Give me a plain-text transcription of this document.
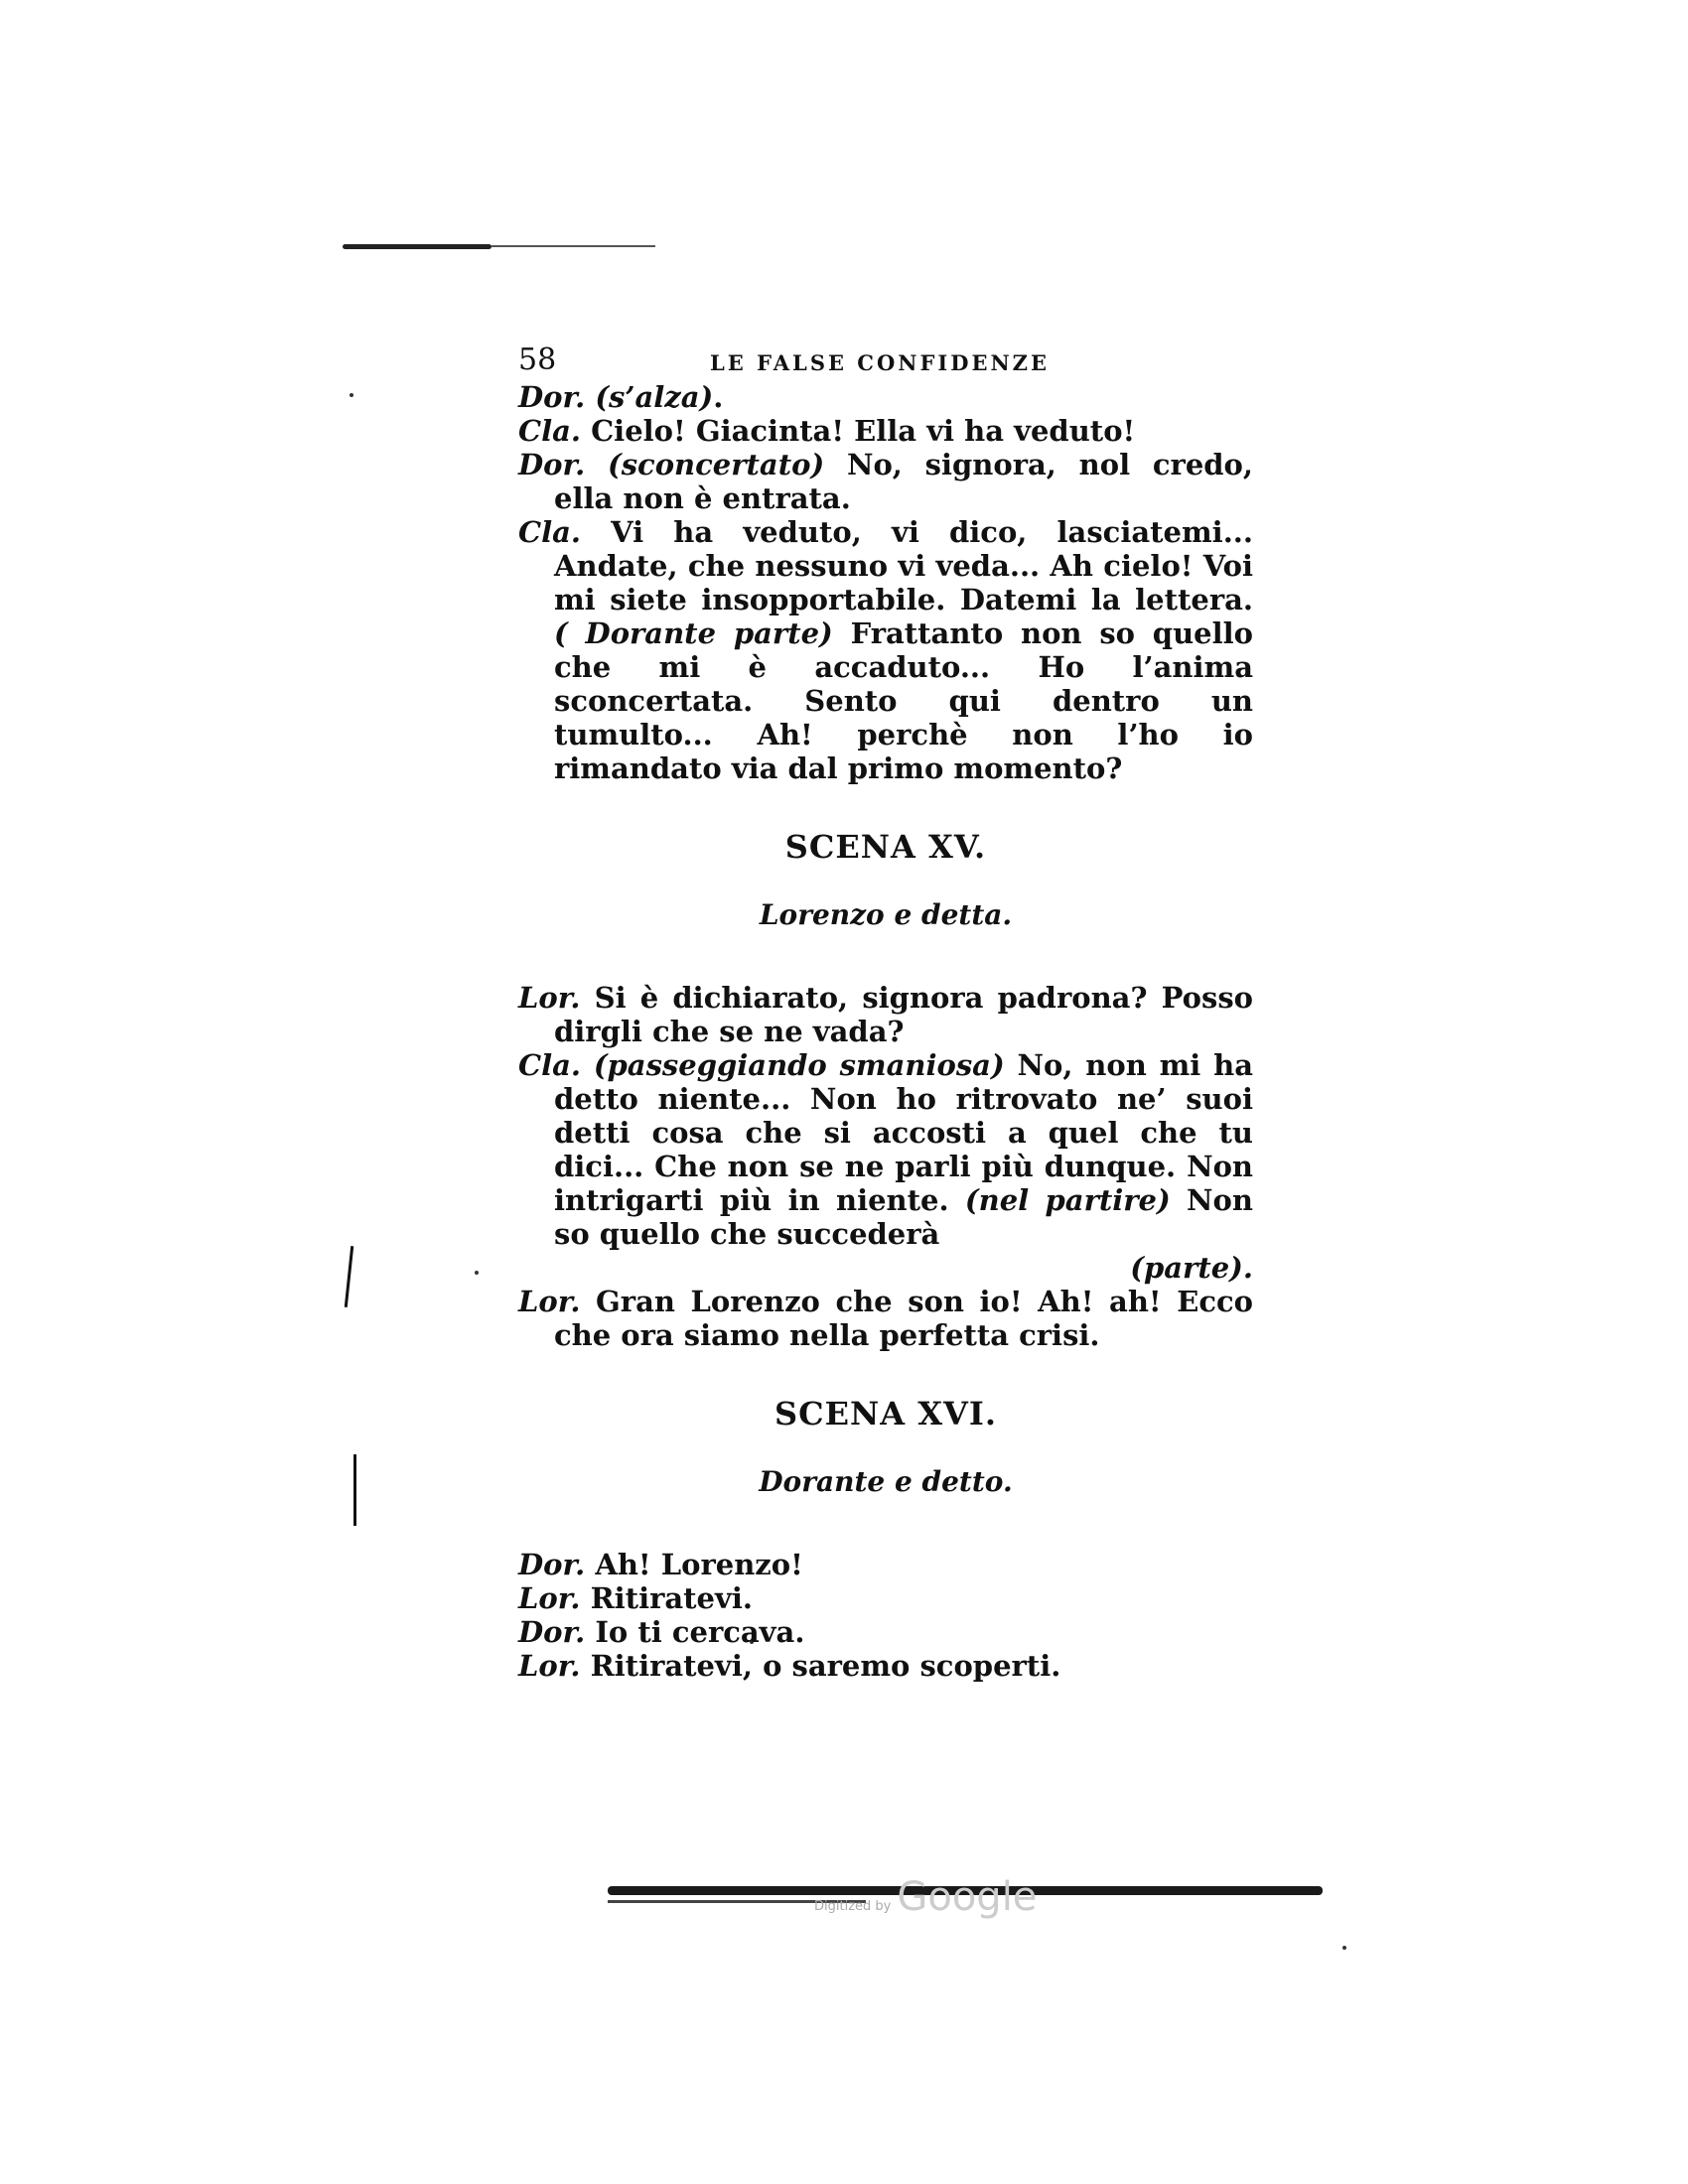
58	LE FALSE CONFIDENZE

Dor. (s’alza).

Cla. Cielo! Giacinta! Ella vi ha veduto!

Dor. (sconcertato) No, signora, nol credo, ella non è entrata.

Cla. Vi ha veduto, vi dico, lasciatemi... Andate, che nessuno vi veda... Ah cielo! Voi mi siete insopportabile. Datemi la lettera. ( Dorante parte) Frattanto non so quello che mi è accaduto... Ho l’anima sconcertata. Sento qui dentro un tumulto... Ah! perchè non l’ho io rimandato via dal primo momento?

SCENA XV.
Lorenzo e detta.

Lor. Si è dichiarato, signora padrona? Posso dirgli che se ne vada?

Cla. (passeggiando smaniosa) No, non mi ha detto niente... Non ho ritrovato ne’ suoi detti cosa che si accosti a quel che tu dici... Che non se ne parli più dunque. Non intrigarti più in niente. (nel partire) Non so quello che succederà
(parte).

Lor. Gran Lorenzo che son io! Ah! ah! Ecco che ora siamo nella perfetta crisi.

SCENA XVI.
Dorante e detto.

Dor. Ah! Lorenzo!

Lor. Ritiratevi.

Dor. Io ti cercava.

Lor. Ritiratevi, o saremo scoperti.

Digitized by Google
